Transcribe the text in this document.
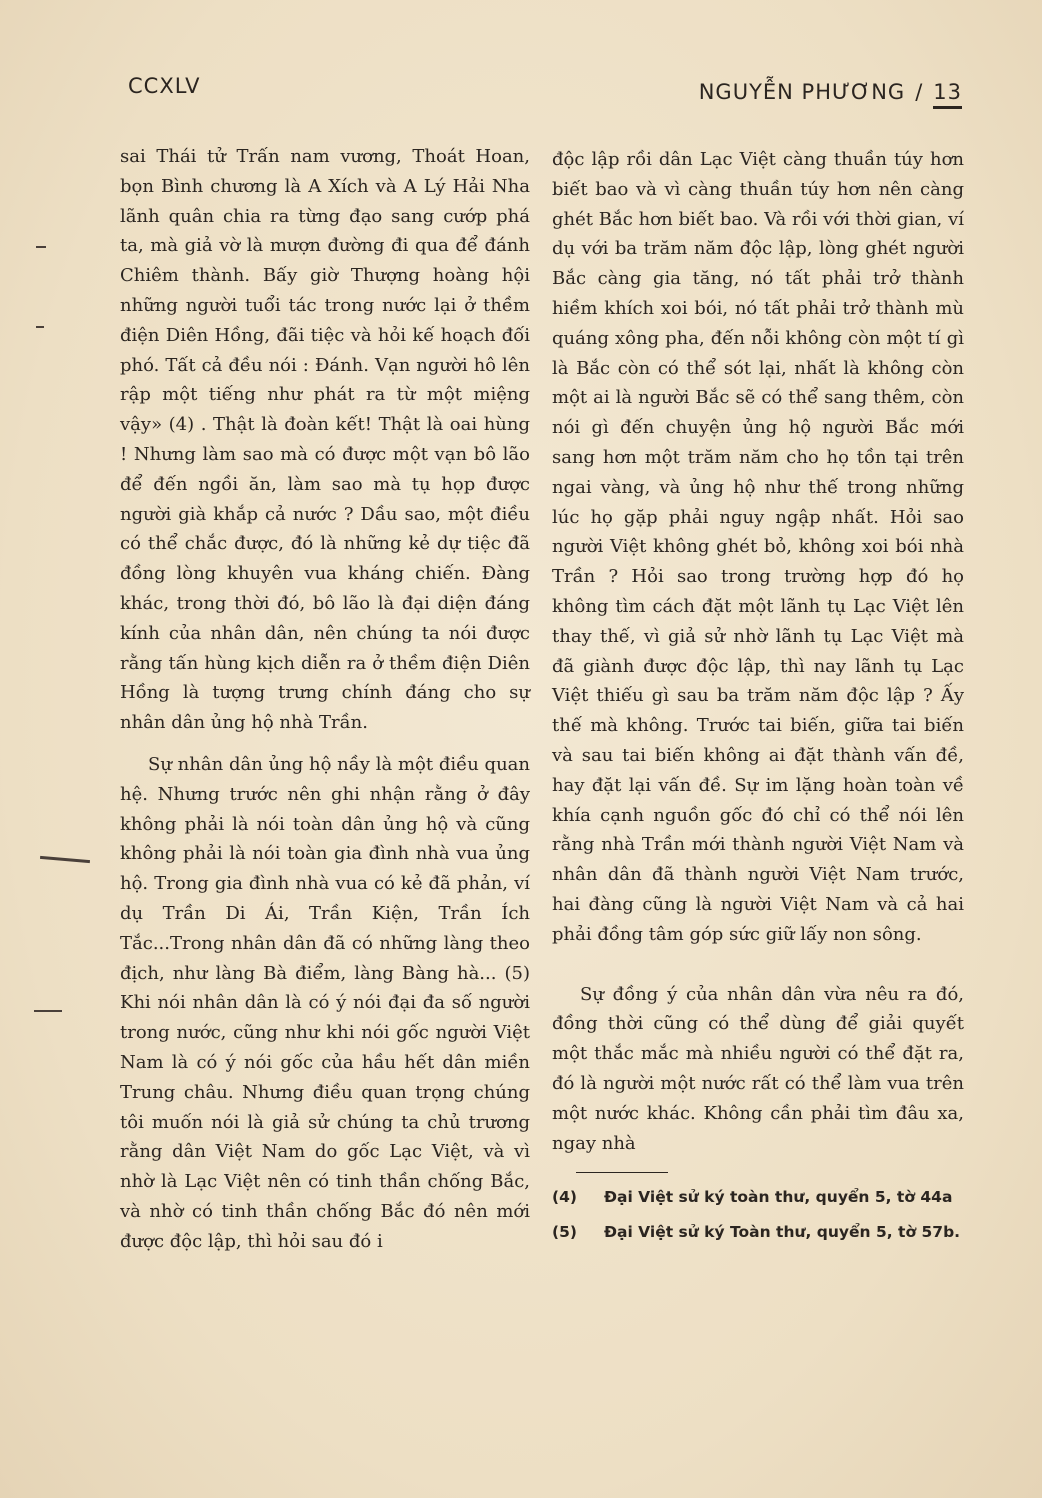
CCXLV	NGUYỄN PHƯƠNG / 13

sai Thái tử Trấn nam vương, Thoát Hoan, bọn Bình chương là A Xích và A Lý Hải Nha lãnh quân chia ra từng đạo sang cướp phá ta, mà giả vờ là mượn đường đi qua để đánh Chiêm thành. Bấy giờ Thượng hoàng hội những người tuổi tác trong nước lại ở thềm điện Diên Hồng, đãi tiệc và hỏi kế hoạch đối phó. Tất cả đều nói : Đánh. Vạn người hô lên rập một tiếng như phát ra từ một miệng vậy» (4) . Thật là đoàn kết! Thật là oai hùng ! Nhưng làm sao mà có được một vạn bô lão để đến ngồi ăn, làm sao mà tụ họp được người già khắp cả nước ? Dầu sao, một điều có thể chắc được, đó là những kẻ dự tiệc đã đồng lòng khuyên vua kháng chiến. Đàng khác, trong thời đó, bô lão là đại diện đáng kính của nhân dân, nên chúng ta nói được rằng tấn hùng kịch diễn ra ở thềm điện Diên Hồng là tượng trưng chính đáng cho sự nhân dân ủng hộ nhà Trần.

Sự nhân dân ủng hộ nầy là một điều quan hệ. Nhưng trước nên ghi nhận rằng ở đây không phải là nói toàn dân ủng hộ và cũng không phải là nói toàn gia đình nhà vua ủng hộ. Trong gia đình nhà vua có kẻ đã phản, ví dụ Trần Di Ái, Trần Kiện, Trần Ích Tắc...Trong nhân dân đã có những làng theo địch, như làng Bà điểm, làng Bàng hà... (5) Khi nói nhân dân là có ý nói đại đa số người trong nước, cũng như khi nói gốc người Việt Nam là có ý nói gốc của hầu hết dân miền Trung châu. Nhưng điều quan trọng chúng tôi muốn nói là giả sử chúng ta chủ trương rằng dân Việt Nam do gốc Lạc Việt, và vì nhờ là Lạc Việt nên có tinh thần chống Bắc, và nhờ có tinh thần chống Bắc đó nên mới được độc lập, thì hỏi sau đó i

độc lập rồi dân Lạc Việt càng thuần túy hơn biết bao và vì càng thuần túy hơn nên càng ghét Bắc hơn biết bao. Và rồi với thời gian, ví dụ với ba trăm năm độc lập, lòng ghét người Bắc càng gia tăng, nó tất phải trở thành hiềm khích xoi bói, nó tất phải trở thành mù quáng xông pha, đến nỗi không còn một tí gì là Bắc còn có thể sót lại, nhất là không còn một ai là người Bắc sẽ có thể sang thêm, còn nói gì đến chuyện ủng hộ người Bắc mới sang hơn một trăm năm cho họ tồn tại trên ngai vàng, và ủng hộ như thế trong những lúc họ gặp phải nguy ngập nhất. Hỏi sao người Việt không ghét bỏ, không xoi bói nhà Trần ? Hỏi sao trong trường hợp đó họ không tìm cách đặt một lãnh tụ Lạc Việt lên thay thế, vì giả sử nhờ lãnh tụ Lạc Việt mà đã giành được độc lập, thì nay lãnh tụ Lạc Việt thiếu gì sau ba trăm năm độc lập ? Ấy thế mà không. Trước tai biến, giữa tai biến và sau tai biến không ai đặt thành vấn đề, hay đặt lại vấn đề. Sự im lặng hoàn toàn về khía cạnh nguồn gốc đó chỉ có thể nói lên rằng nhà Trần mới thành người Việt Nam và nhân dân đã thành người Việt Nam trước, hai đàng cũng là người Việt Nam và cả hai phải đồng tâm góp sức giữ lấy non sông.

Sự đồng ý của nhân dân vừa nêu ra đó, đồng thời cũng có thể dùng để giải quyết một thắc mắc mà nhiều người có thể đặt ra, đó là người một nước rất có thể làm vua trên một nước khác. Không cần phải tìm đâu xa, ngay nhà

(4)	Đại Việt sử ký toàn thư, quyển 5, tờ 44a
(5)	Đại Việt sử ký Toàn thư, quyển 5, tờ 57b.
